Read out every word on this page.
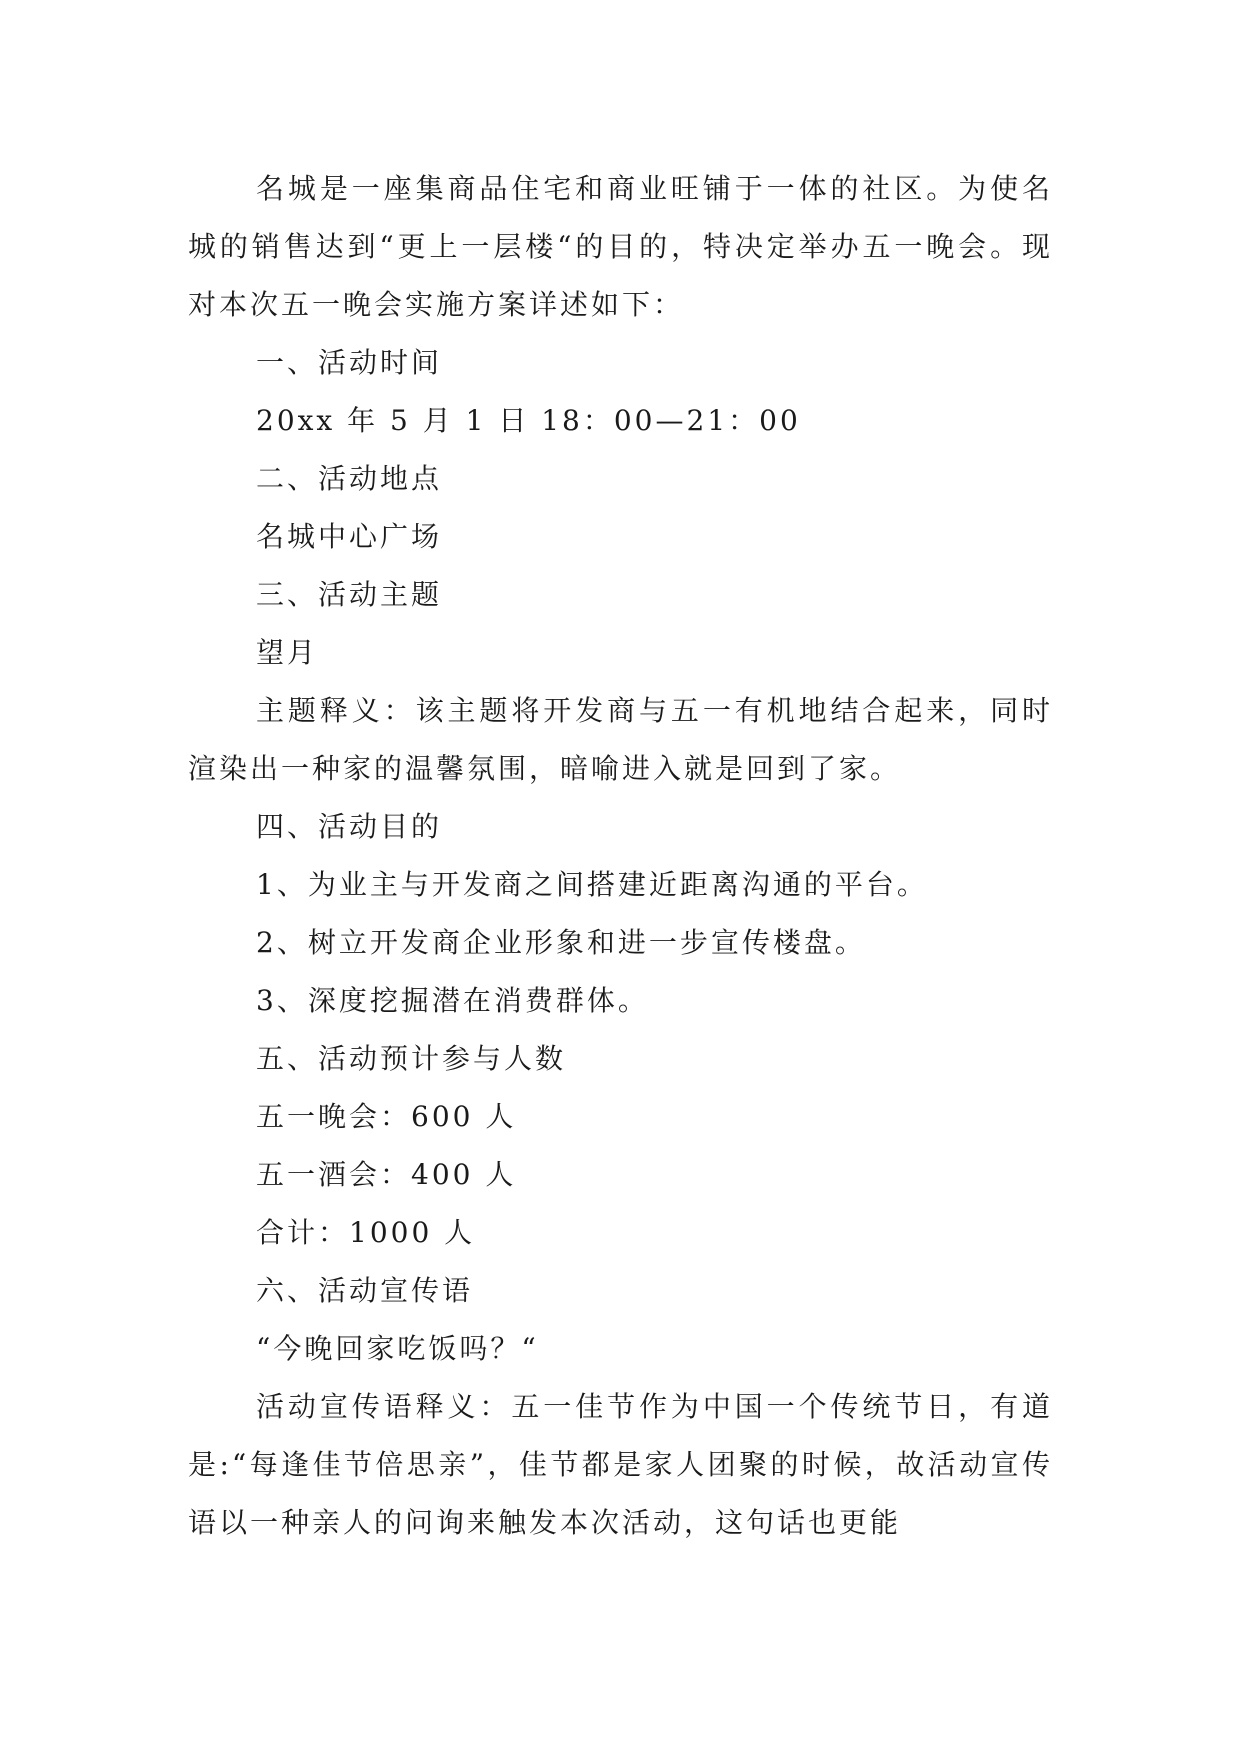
名城是一座集商品住宅和商业旺铺于一体的社区。为使名城的销售达到“更上一层楼“的目的，特决定举办五一晚会。现对本次五一晚会实施方案详述如下：

一、活动时间

20xx 年 5 月 1 日 18：00—21：00

二、活动地点

名城中心广场

三、活动主题

望月

主题释义：该主题将开发商与五一有机地结合起来，同时渲染出一种家的温馨氛围，暗喻进入就是回到了家。

四、活动目的

1、为业主与开发商之间搭建近距离沟通的平台。

2、树立开发商企业形象和进一步宣传楼盘。

3、深度挖掘潜在消费群体。

五、活动预计参与人数

五一晚会：600 人

五一酒会：400 人

合计：1000 人

六、活动宣传语

“今晚回家吃饭吗？“

活动宣传语释义：五一佳节作为中国一个传统节日，有道是:“每逢佳节倍思亲”，佳节都是家人团聚的时候，故活动宣传语以一种亲人的问询来触发本次活动，这句话也更能
